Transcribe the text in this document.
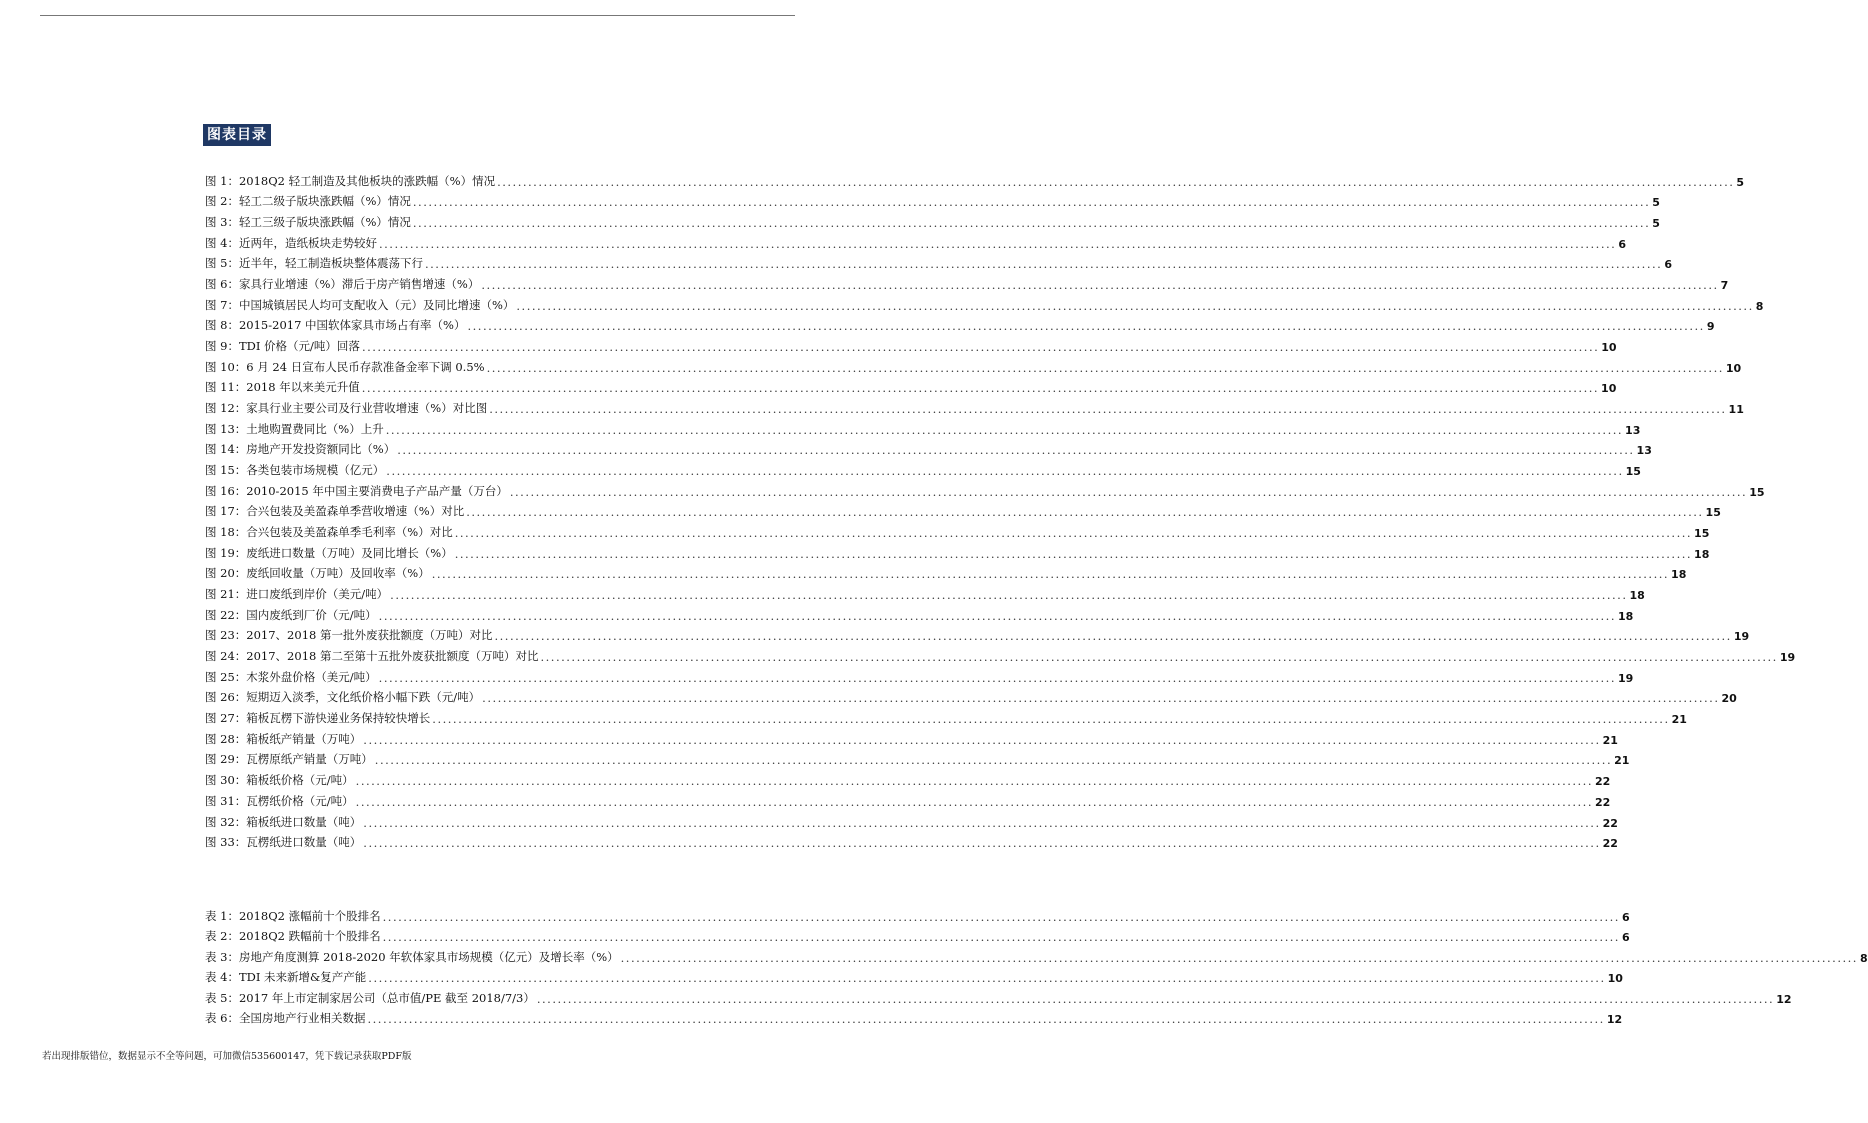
图表目录
图 1：2018Q2 轻工制造及其他板块的涨跌幅（%）情况 .....	5
图 2：轻工二级子版块涨跌幅（%）情况 .....	5
图 3：轻工三级子版块涨跌幅（%）情况 .....	5
图 4：近两年，造纸板块走势较好 .....	6
图 5：近半年，轻工制造板块整体震荡下行 .....	6
图 6：家具行业增速（%）滞后于房产销售增速（%） .....	7
图 7：中国城镇居民人均可支配收入（元）及同比增速（%） .....	8
图 8：2015-2017 中国软体家具市场占有率（%） .....	9
图 9：TDI 价格（元/吨）回落 .....	10
图 10：6 月 24 日宣布人民币存款准备金率下调 0.5% .....	10
图 11：2018 年以来美元升值 .....	10
图 12：家具行业主要公司及行业营收增速（%）对比图 .....	11
图 13：土地购置费同比（%）上升 .....	13
图 14：房地产开发投资额同比（%） .....	13
图 15：各类包装市场规模（亿元） .....	15
图 16：2010-2015 年中国主要消费电子产品产量（万台） .....	15
图 17：合兴包装及美盈森单季营收增速（%）对比 .....	15
图 18：合兴包装及美盈森单季毛利率（%）对比 .....	15
图 19：废纸进口数量（万吨）及同比增长（%） .....	18
图 20：废纸回收量（万吨）及回收率（%） .....	18
图 21：进口废纸到岸价（美元/吨） .....	18
图 22：国内废纸到厂价（元/吨） .....	18
图 23：2017、2018 第一批外废获批额度（万吨）对比 .....	19
图 24：2017、2018 第二至第十五批外废获批额度（万吨）对比 .....	19
图 25：木浆外盘价格（美元/吨） .....	19
图 26：短期迈入淡季，文化纸价格小幅下跌（元/吨） .....	20
图 27：箱板瓦楞下游快递业务保持较快增长 .....	21
图 28：箱板纸产销量（万吨） .....	21
图 29：瓦楞原纸产销量（万吨） .....	21
图 30：箱板纸价格（元/吨） .....	22
图 31：瓦楞纸价格（元/吨） .....	22
图 32：箱板纸进口数量（吨） .....	22
图 33：瓦楞纸进口数量（吨） .....	22
表 1：2018Q2 涨幅前十个股排名 .....	6
表 2：2018Q2 跌幅前十个股排名 .....	6
表 3：房地产角度测算 2018-2020 年软体家具市场规模（亿元）及增长率（%） .....	8
表 4：TDI 未来新增&复产产能 .....	10
表 5：2017 年上市定制家居公司（总市值/PE 截至 2018/7/3） .....	12
表 6：全国房地产行业相关数据 .....	12
若出现排版错位，数据显示不全等问题，可加微信535600147，凭下载记录获取PDF版
